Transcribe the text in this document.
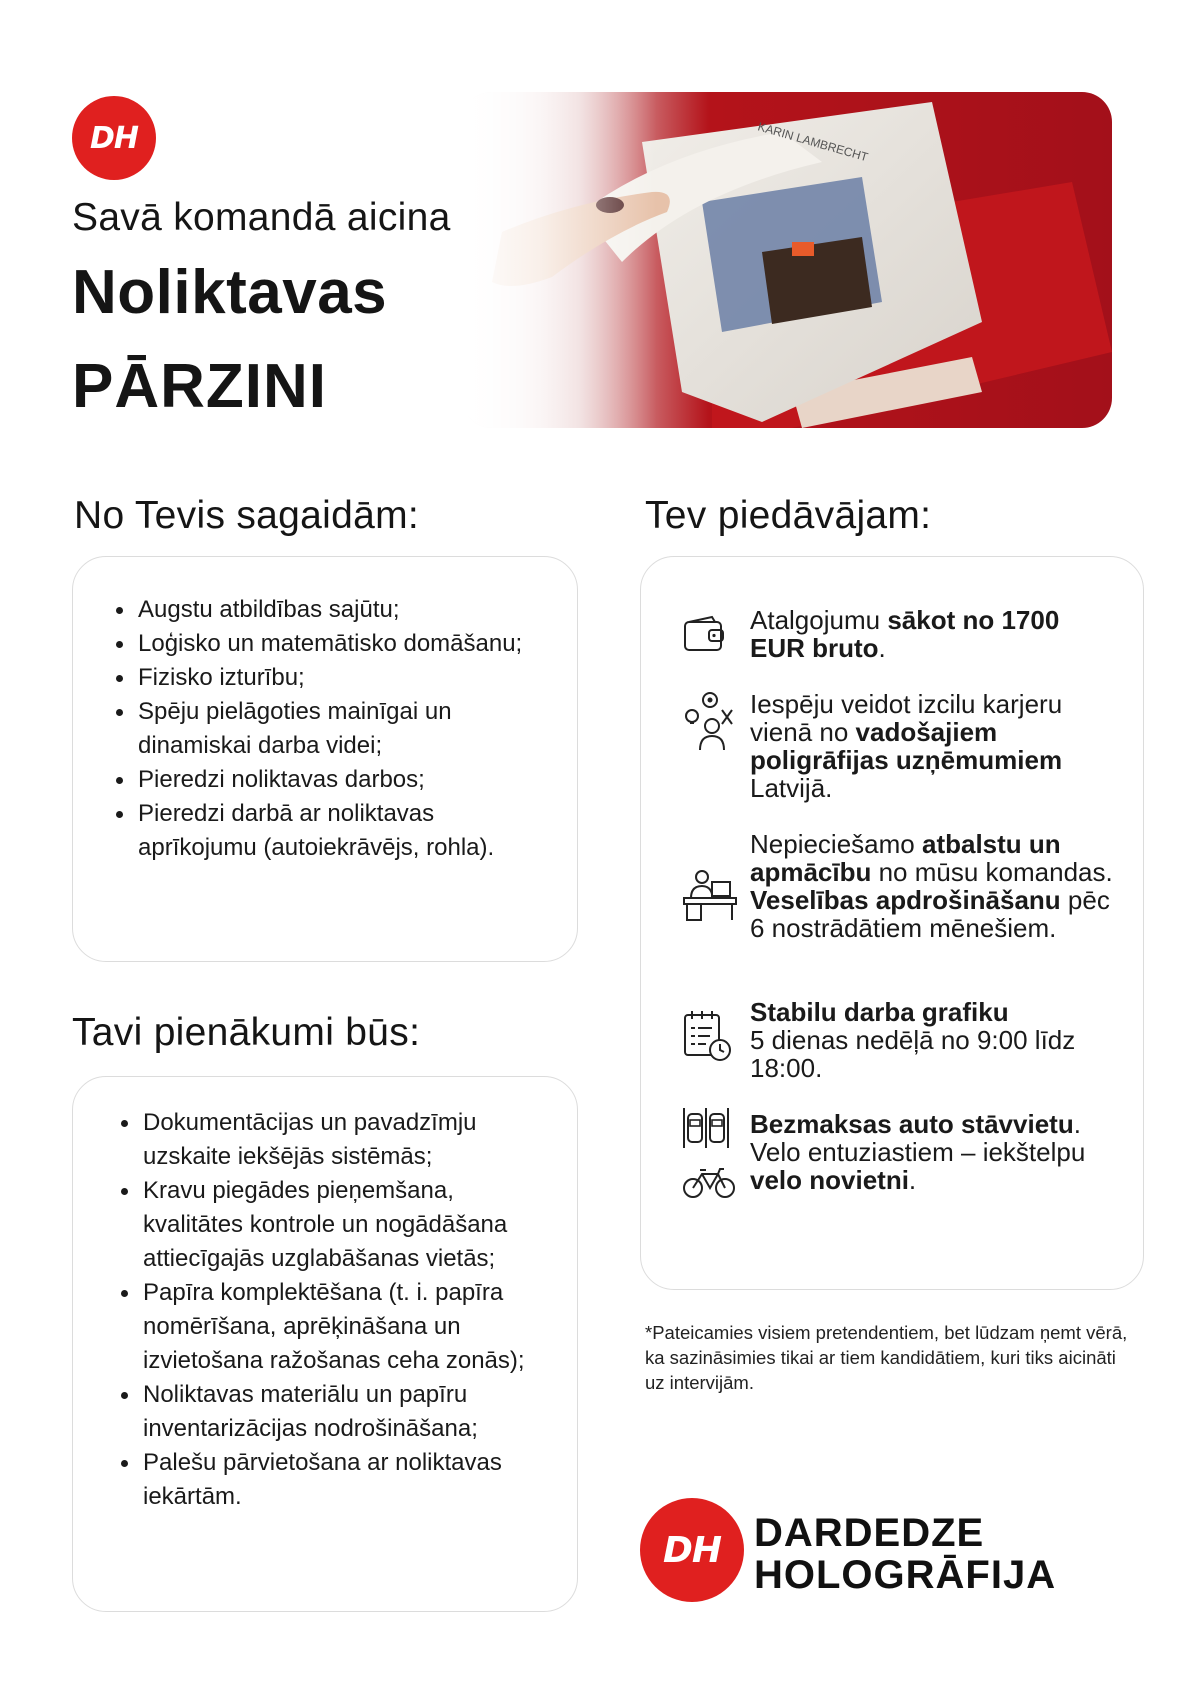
DH
Savā komandā aicina
Noliktavas
PĀRZINI
No Tevis sagaidām:
Augstu atbildības sajūtu;
Loģisko un matemātisko domāšanu;
Fizisko izturību;
Spēju pielāgoties mainīgai un dinamiskai darba videi;
Pieredzi noliktavas darbos;
Pieredzi darbā ar noliktavas aprīkojumu (autoiekrāvējs, rohla).
Tavi pienākumi būs:
Dokumentācijas un pavadzīmju uzskaite iekšējās sistēmās;
Kravu piegādes pieņemšana, kvalitātes kontrole un nogādāšana attiecīgajās uzglabāšanas vietās;
Papīra komplektēšana (t. i. papīra nomērīšana, aprēķināšana un izvietošana ražošanas ceha zonās);
Noliktavas materiālu un papīru inventarizācijas nodrošināšana;
Palešu pārvietošana ar noliktavas iekārtām.
Tev piedāvājam:
Atalgojumu sākot no 1700 EUR bruto.
Iespēju veidot izcilu karjeru vienā no vadošajiem poligrāfijas uzņēmumiem Latvijā.
Nepieciešamo atbalstu un apmācību no mūsu komandas. Veselības apdrošināšanu pēc 6 nostrādātiem mēnešiem.
Stabilu darba grafiku
5 dienas nedēļā no 9:00 līdz 18:00.
Bezmaksas auto stāvvietu.
Velo entuziastiem – iekštelpu velo novietni.
*Pateicamies visiem pretendentiem, bet lūdzam ņemt vērā, ka sazināsimies tikai ar tiem kandidātiem, kuri tiks aicināti uz intervijām.
DH DARDEDZE
HOLOGRĀFIJA
